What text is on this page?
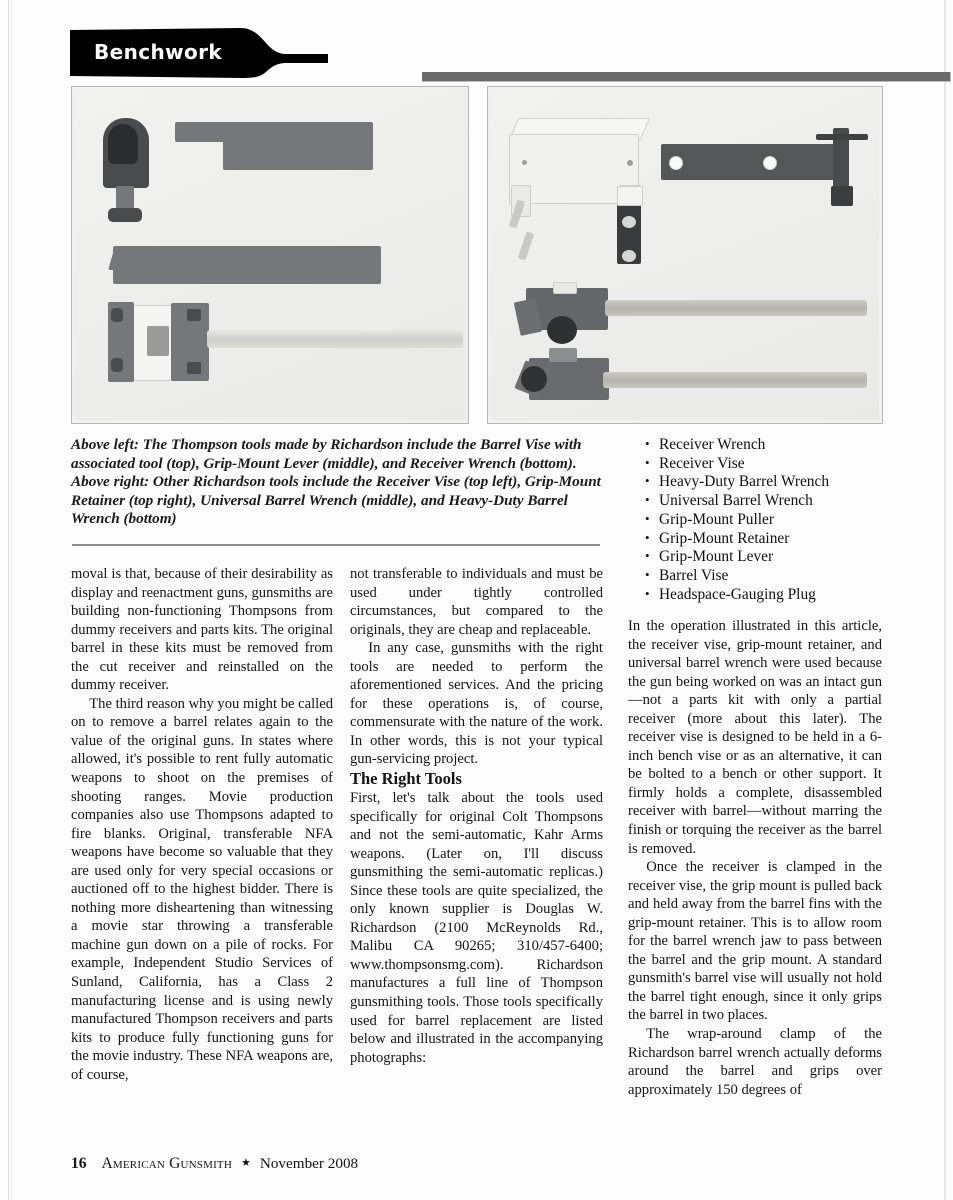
Benchwork
Above left: The Thompson tools made by Richardson include the Barrel Vise with associated tool (top), Grip-Mount Lever (middle), and Receiver Wrench (bottom). Above right: Other Richardson tools include the Receiver Vise (top left), Grip-Mount Retainer (top right), Universal Barrel Wrench (middle), and Heavy-Duty Barrel Wrench (bottom)
• Receiver Wrench
• Receiver Vise
• Heavy-Duty Barrel Wrench
• Universal Barrel Wrench
• Grip-Mount Puller
• Grip-Mount Retainer
• Grip-Mount Lever
• Barrel Vise
• Headspace-Gauging Plug

moval is that, because of their desirability as display and reenactment guns, gunsmiths are building non-functioning Thompsons from dummy receivers and parts kits. The original barrel in these kits must be removed from the cut receiver and reinstalled on the dummy receiver.

The third reason why you might be called on to remove a barrel relates again to the value of the original guns. In states where allowed, it's possible to rent fully automatic weapons to shoot on the premises of shooting ranges. Movie production companies also use Thompsons adapted to fire blanks. Original, transferable NFA weapons have become so valuable that they are used only for very special occasions or auctioned off to the highest bidder. There is nothing more disheartening than witnessing a movie star throwing a transferable machine gun down on a pile of rocks. For example, Independent Studio Services of Sunland, California, has a Class 2 manufacturing license and is using newly manufactured Thompson receivers and parts kits to produce fully functioning guns for the movie industry. These NFA weapons are, of course,

not transferable to individuals and must be used under tightly controlled circumstances, but compared to the originals, they are cheap and replaceable.

In any case, gunsmiths with the right tools are needed to perform the aforementioned services. And the pricing for these operations is, of course, commensurate with the nature of the work. In other words, this is not your typical gun-servicing project.

The Right Tools

First, let's talk about the tools used specifically for original Colt Thompsons and not the semi-automatic, Kahr Arms weapons. (Later on, I'll discuss gunsmithing the semi-automatic replicas.) Since these tools are quite specialized, the only known supplier is Douglas W. Richardson (2100 McReynolds Rd., Malibu CA 90265; 310/457-6400; www.thompsonsmg.com). Richardson manufactures a full line of Thompson gunsmithing tools. Those tools specifically used for barrel replacement are listed below and illustrated in the accompanying photographs:

In the operation illustrated in this article, the receiver vise, grip-mount retainer, and universal barrel wrench were used because the gun being worked on was an intact gun—not a parts kit with only a partial receiver (more about this later). The receiver vise is designed to be held in a 6-inch bench vise or as an alternative, it can be bolted to a bench or other support. It firmly holds a complete, disassembled receiver with barrel—without marring the finish or torquing the receiver as the barrel is removed.

Once the receiver is clamped in the receiver vise, the grip mount is pulled back and held away from the barrel fins with the grip-mount retainer. This is to allow room for the barrel wrench jaw to pass between the barrel and the grip mount. A standard gunsmith's barrel vise will usually not hold the barrel tight enough, since it only grips the barrel in two places.

The wrap-around clamp of the Richardson barrel wrench actually deforms around the barrel and grips over approximately 150 degrees of

16 American Gunsmith ★ November 2008
